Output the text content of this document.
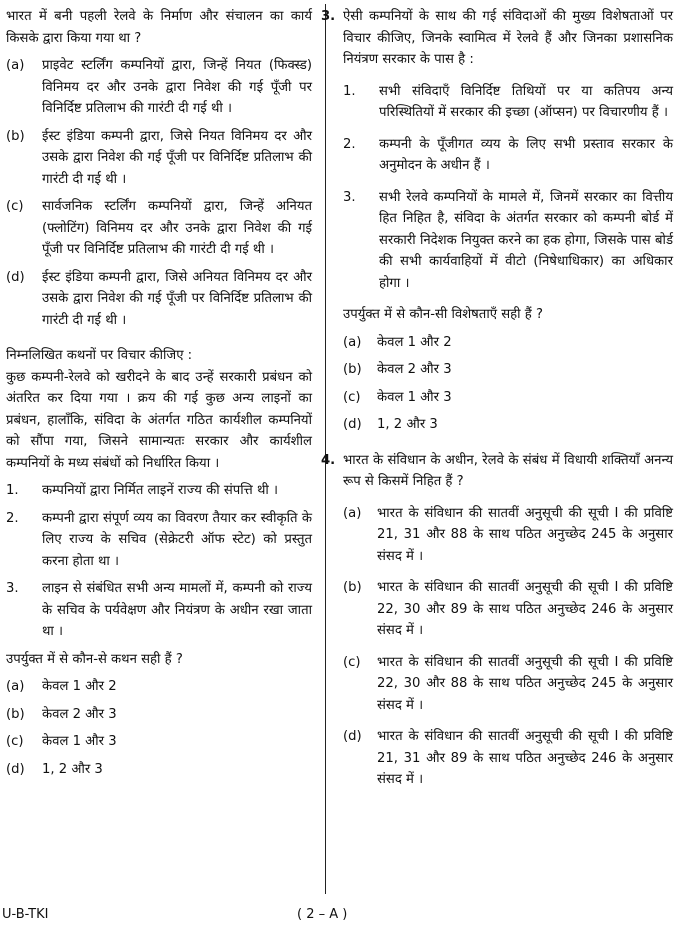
भारत में बनी पहली रेलवे के निर्माण और संचालन का कार्य किसके द्वारा किया गया था ?
(a)	प्राइवेट स्टर्लिंग कम्पनियों द्वारा, जिन्हें नियत (फिक्स्ड) विनिमय दर और उनके द्वारा निवेश की गई पूँजी पर विनिर्दिष्ट प्रतिलाभ की गारंटी दी गई थी ।
(b)	ईस्ट इंडिया कम्पनी द्वारा, जिसे नियत विनिमय दर और उसके द्वारा निवेश की गई पूँजी पर विनिर्दिष्ट प्रतिलाभ की गारंटी दी गई थी ।
(c)	सार्वजनिक स्टर्लिंग कम्पनियों द्वारा, जिन्हें अनियत (फ्लोटिंग) विनिमय दर और उनके द्वारा निवेश की गई पूँजी पर विनिर्दिष्ट प्रतिलाभ की गारंटी दी गई थी ।
(d)	ईस्ट इंडिया कम्पनी द्वारा, जिसे अनियत विनिमय दर और उसके द्वारा निवेश की गई पूँजी पर विनिर्दिष्ट प्रतिलाभ की गारंटी दी गई थी ।
निम्नलिखित कथनों पर विचार कीजिए :
कुछ कम्पनी-रेलवे को खरीदने के बाद उन्हें सरकारी प्रबंधन को अंतरित कर दिया गया । क्रय की गई कुछ अन्य लाइनों का प्रबंधन, हालाँकि, संविदा के अंतर्गत गठित कार्यशील कम्पनियों को सौंपा गया, जिसने सामान्यतः सरकार और कार्यशील कम्पनियों के मध्य संबंधों को निर्धारित किया ।
1.	कम्पनियों द्वारा निर्मित लाइनें राज्य की संपत्ति थी ।
2.	कम्पनी द्वारा संपूर्ण व्यय का विवरण तैयार कर स्वीकृति के लिए राज्य के सचिव (सेक्रेटरी ऑफ स्टेट) को प्रस्तुत करना होता था ।
3.	लाइन से संबंधित सभी अन्य मामलों में, कम्पनी को राज्य के सचिव के पर्यवेक्षण और नियंत्रण के अधीन रखा जाता था ।
उपर्युक्त में से कौन-से कथन सही हैं ?
(a)	केवल 1 और 2
(b)	केवल 2 और 3
(c)	केवल 1 और 3
(d)	1, 2 और 3
3. ऐसी कम्पनियों के साथ की गई संविदाओं की मुख्य विशेषताओं पर विचार कीजिए, जिनके स्वामित्व में रेलवे हैं और जिनका प्रशासनिक नियंत्रण सरकार के पास है :
1.	सभी संविदाएँ विनिर्दिष्ट तिथियों पर या कतिपय अन्य परिस्थितियों में सरकार की इच्छा (ऑप्सन) पर विचारणीय हैं ।
2.	कम्पनी के पूँजीगत व्यय के लिए सभी प्रस्ताव सरकार के अनुमोदन के अधीन हैं ।
3.	सभी रेलवे कम्पनियों के मामले में, जिनमें सरकार का वित्तीय हित निहित है, संविदा के अंतर्गत सरकार को कम्पनी बोर्ड में सरकारी निदेशक नियुक्त करने का हक होगा, जिसके पास बोर्ड की सभी कार्यवाहियों में वीटो (निषेधाधिकार) का अधिकार होगा ।
उपर्युक्त में से कौन-सी विशेषताएँ सही हैं ?
(a)	केवल 1 और 2
(b)	केवल 2 और 3
(c)	केवल 1 और 3
(d)	1, 2 और 3
4. भारत के संविधान के अधीन, रेलवे के संबंध में विधायी शक्तियाँ अनन्य रूप से किसमें निहित हैं ?
(a)	भारत के संविधान की सातवीं अनुसूची की सूची I की प्रविष्टि 21, 31 और 88 के साथ पठित अनुच्छेद 245 के अनुसार संसद में ।
(b)	भारत के संविधान की सातवीं अनुसूची की सूची I की प्रविष्टि 22, 30 और 89 के साथ पठित अनुच्छेद 246 के अनुसार संसद में ।
(c)	भारत के संविधान की सातवीं अनुसूची की सूची I की प्रविष्टि 22, 30 और 88 के साथ पठित अनुच्छेद 245 के अनुसार संसद में ।
(d)	भारत के संविधान की सातवीं अनुसूची की सूची I की प्रविष्टि 21, 31 और 89 के साथ पठित अनुच्छेद 246 के अनुसार संसद में ।
U-B-TKI	( 2 – A )
